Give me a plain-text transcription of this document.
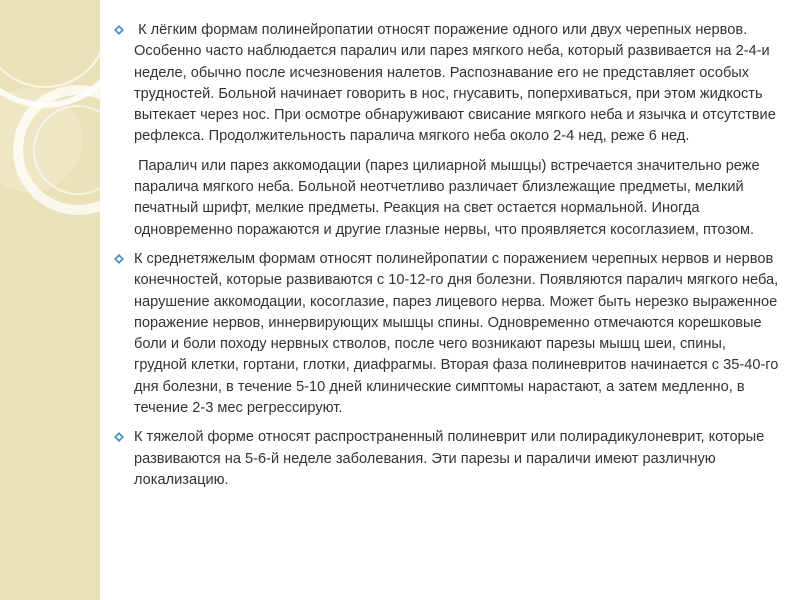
К лёгким формам полинейропатии относят поражение одного или двух черепных нервов. Особенно часто наблюдается паралич или парез мягкого неба, который развивается на 2-4-и неделе, обычно после исчезновения налетов. Распознавание его не представляет особых трудностей. Больной начинает говорить в нос, гнусавить, поперхиваться, при этом жидкость вытекает через нос. При осмотре обнаруживают свисание мягкого неба и язычка и отсутствие рефлекса. Продолжительность паралича мягкого неба около 2-4 нед, реже 6 нед.
Паралич или парез аккомодации (парез цилиарной мышцы) встречается значительно реже паралича мягкого неба. Больной неотчетливо различает близлежащие предметы, мелкий печатный шрифт, мелкие предметы. Реакция на свет остается нормальной. Иногда одновременно поражаются и другие глазные нервы, что проявляется косоглазием, птозом.
К среднетяжелым формам относят полинейропатии с поражением черепных нервов и нервов конечностей, которые развиваются с 10-12-го дня болезни. Появляются паралич мягкого неба, нарушение аккомодации, косоглазие, парез лицевого нерва. Может быть нерезко выраженное поражение нервов, иннервирующих мышцы спины. Одновременно отмечаются корешковые боли и боли походу нервных стволов, после чего возникают парезы мышц шеи, спины, грудной клетки, гортани, глотки, диафрагмы. Вторая фаза полиневритов начинается с 35-40-го дня болезни, в течение 5-10 дней клинические симптомы нарастают, а затем медленно, в течение 2-3 мес регрессируют.
К тяжелой форме относят распространенный полиневрит или полирадикулоневрит, которые развиваются на 5-6-й неделе заболевания. Эти парезы и параличи имеют различную локализацию.
